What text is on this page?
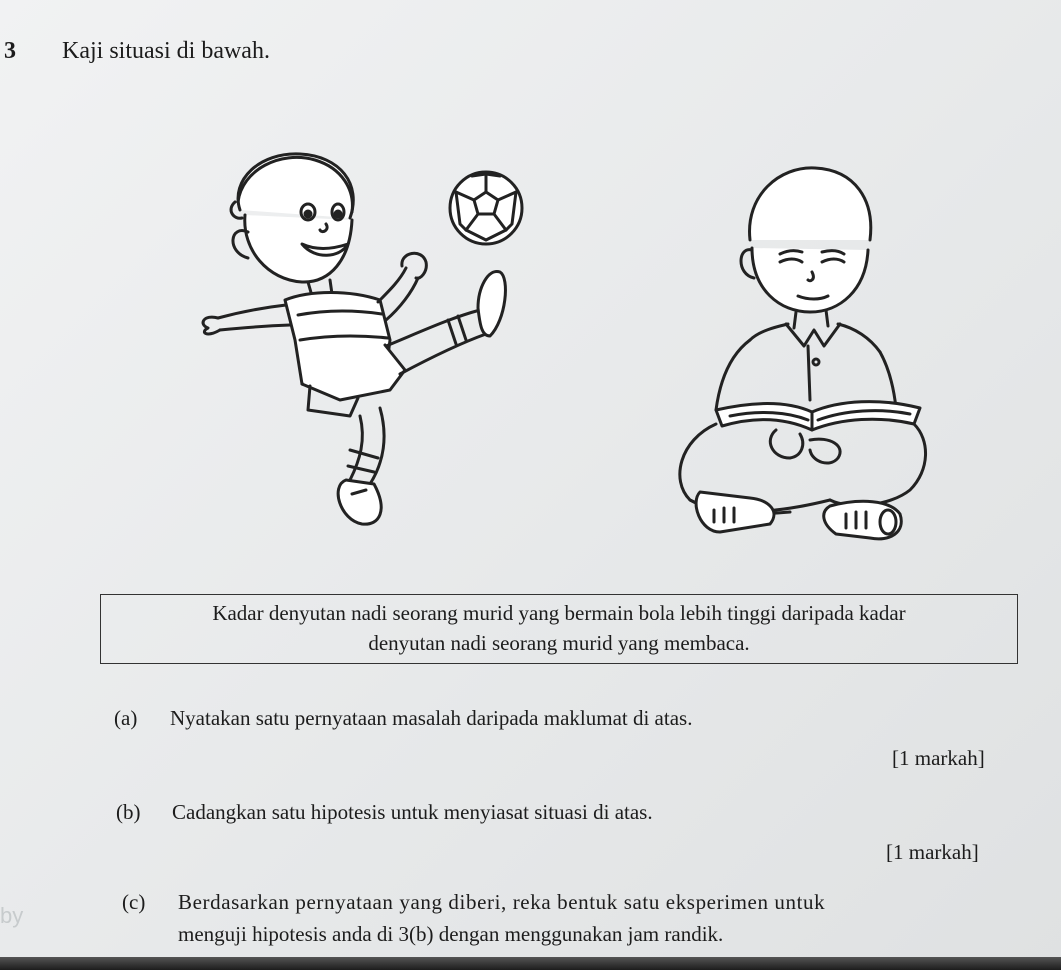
3 Kaji situasi di bawah.
Kadar denyutan nadi seorang murid yang bermain bola lebih tinggi daripada kadar
denyutan nadi seorang murid yang membaca.
(a) Nyatakan satu pernyataan masalah daripada maklumat di atas.
[1 markah]
(b) Cadangkan satu hipotesis untuk menyiasat situasi di atas.
[1 markah]
(c) Berdasarkan pernyataan yang diberi, reka bentuk satu eksperimen untuk
menguji hipotesis anda di 3(b) dengan menggunakan jam randik.
by
